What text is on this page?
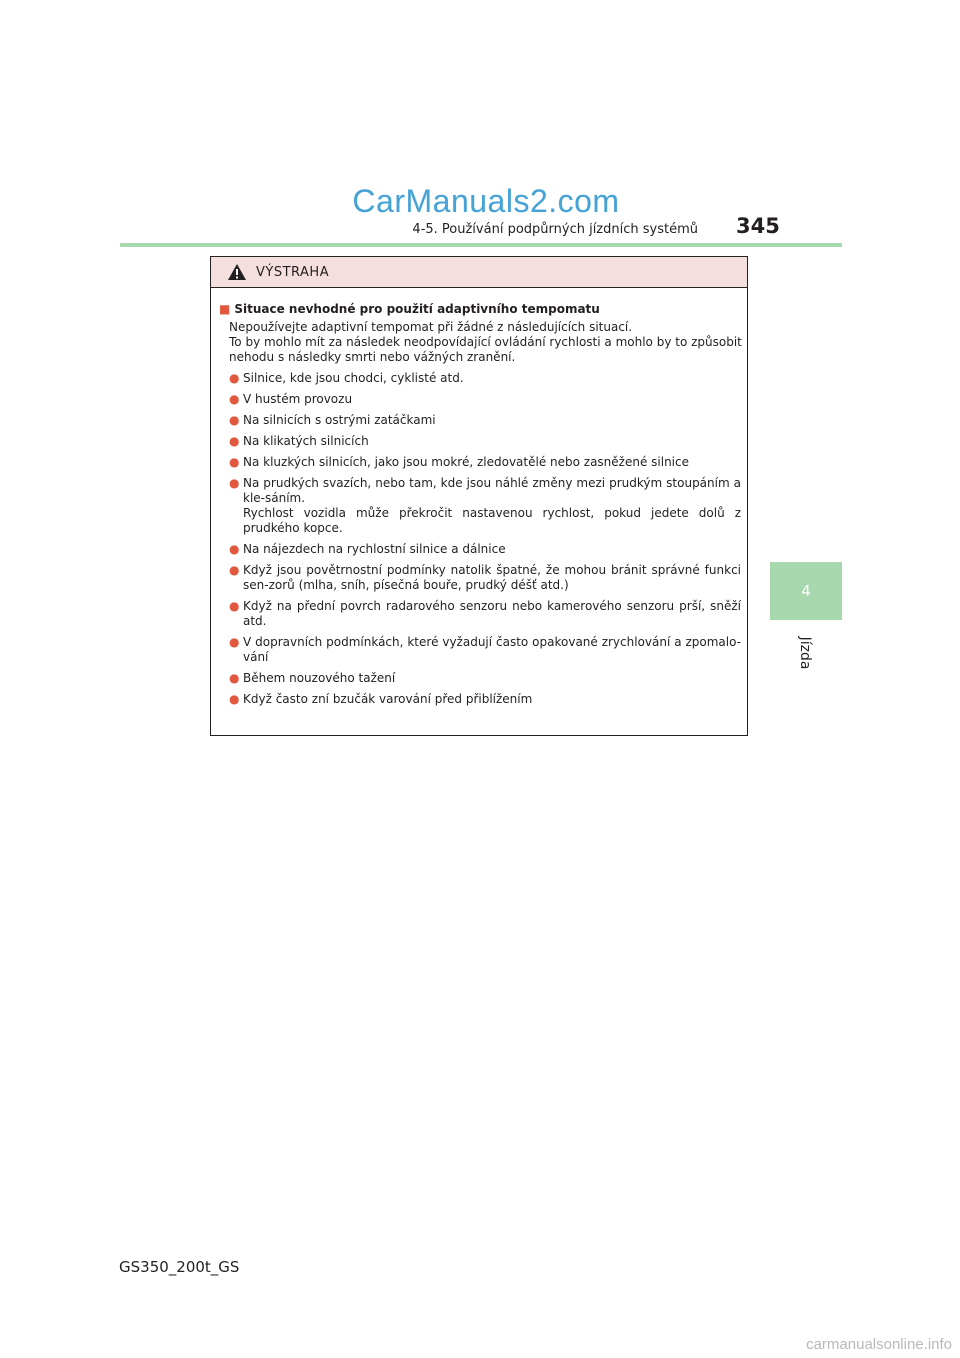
CarManuals2.com
4-5. Používání podpůrných jízdních systémů 345
4
Jízda
VÝSTRAHA
■ Situace nevhodné pro použití adaptivního tempomatu
Nepoužívejte adaptivní tempomat při žádné z následujících situací.
To by mohlo mít za následek neodpovídající ovládání rychlosti a mohlo by to způsobit
nehodu s následky smrti nebo vážných zranění.
● Silnice, kde jsou chodci, cyklisté atd.
● V hustém provozu
● Na silnicích s ostrými zatáčkami
● Na klikatých silnicích
● Na kluzkých silnicích, jako jsou mokré, zledovatělé nebo zasněžené silnice
● Na prudkých svazích, nebo tam, kde jsou náhlé změny mezi prudkým stoupáním a kle-sáním.
Rychlost vozidla může překročit nastavenou rychlost, pokud jedete dolů z prudkého kopce.
● Na nájezdech na rychlostní silnice a dálnice
● Když jsou povětrnostní podmínky natolik špatné, že mohou bránit správné funkci sen-zorů (mlha, sníh, písečná bouře, prudký déšť atd.)
● Když na přední povrch radarového senzoru nebo kamerového senzoru prší, sněží atd.
● V dopravních podmínkách, které vyžadují často opakované zrychlování a zpomalo-vání
● Během nouzového tažení
● Když často zní bzučák varování před přiblížením
GS350_200t_GS
carmanualsonline.info
